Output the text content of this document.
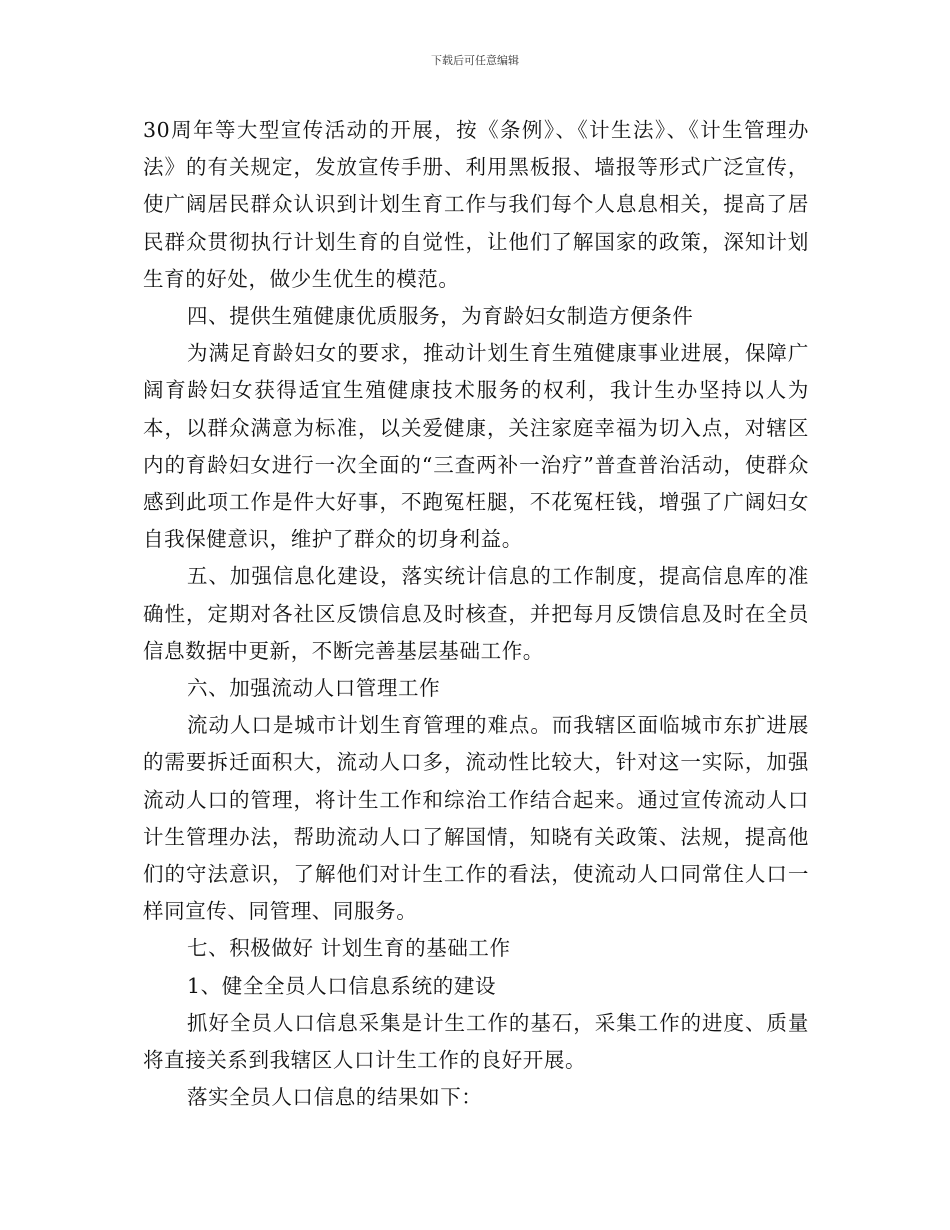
下载后可任意编辑

30周年等大型宣传活动的开展，按《条例》、《计生法》、《计生管理办法》的有关规定，发放宣传手册、利用黑板报、墙报等形式广泛宣传，使广阔居民群众认识到计划生育工作与我们每个人息息相关，提高了居民群众贯彻执行计划生育的自觉性，让他们了解国家的政策，深知计划生育的好处，做少生优生的模范。

四、提供生殖健康优质服务，为育龄妇女制造方便条件

为满足育龄妇女的要求，推动计划生育生殖健康事业进展，保障广阔育龄妇女获得适宜生殖健康技术服务的权利，我计生办坚持以人为本，以群众满意为标准，以关爱健康，关注家庭幸福为切入点，对辖区内的育龄妇女进行一次全面的“三查两补一治疗”普查普治活动，使群众感到此项工作是件大好事，不跑冤枉腿，不花冤枉钱，增强了广阔妇女自我保健意识，维护了群众的切身利益。

五、加强信息化建设，落实统计信息的工作制度，提高信息库的准确性，定期对各社区反馈信息及时核查，并把每月反馈信息及时在全员信息数据中更新，不断完善基层基础工作。

六、加强流动人口管理工作

流动人口是城市计划生育管理的难点。而我辖区面临城市东扩进展的需要拆迁面积大，流动人口多，流动性比较大，针对这一实际，加强流动人口的管理，将计生工作和综治工作结合起来。通过宣传流动人口计生管理办法，帮助流动人口了解国情，知晓有关政策、法规，提高他们的守法意识，了解他们对计生工作的看法，使流动人口同常住人口一样同宣传、同管理、同服务。

七、积极做好 计划生育的基础工作

1、健全全员人口信息系统的建设

抓好全员人口信息采集是计生工作的基石，采集工作的进度、质量将直接关系到我辖区人口计生工作的良好开展。

落实全员人口信息的结果如下：
